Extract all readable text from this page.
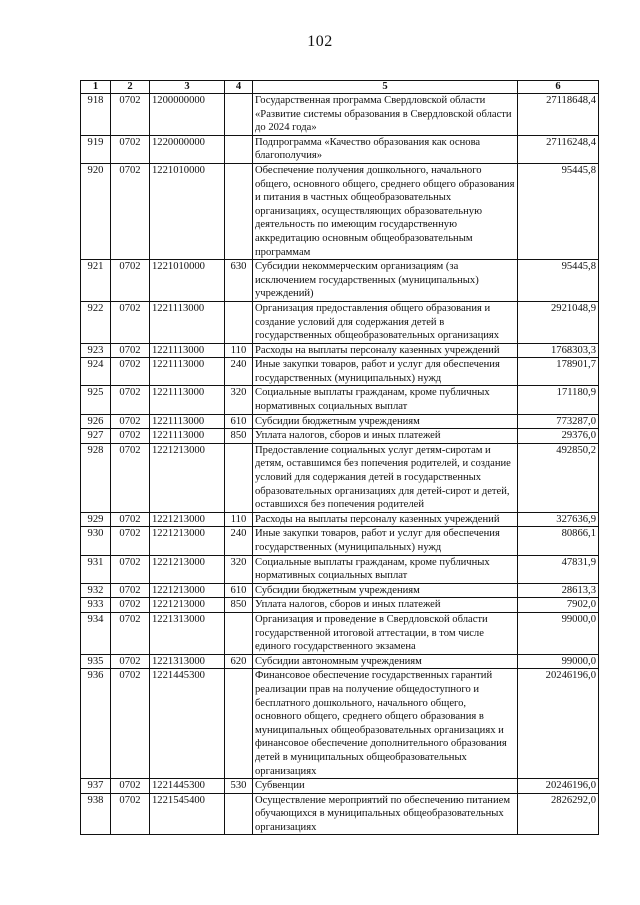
102
1	2	3	4	5	6
918	0702	1200000000		Государственная программа Свердловской области «Развитие системы образования в Свердловской области до 2024 года»	27118648,4
919	0702	1220000000		Подпрограмма «Качество образования как основа благополучия»	27116248,4
920	0702	1221010000		Обеспечение получения дошкольного, начального общего, основного общего, среднего общего образования и питания в частных общеобразовательных организациях, осуществляющих образовательную деятельность по имеющим государственную аккредитацию основным общеобразовательным программам	95445,8
921	0702	1221010000	630	Субсидии некоммерческим организациям (за исключением государственных (муниципальных) учреждений)	95445,8
922	0702	1221113000		Организация предоставления общего образования и создание условий для содержания детей в государственных общеобразовательных организациях	2921048,9
923	0702	1221113000	110	Расходы на выплаты персоналу казенных учреждений	1768303,3
924	0702	1221113000	240	Иные закупки товаров, работ и услуг для обеспечения государственных (муниципальных) нужд	178901,7
925	0702	1221113000	320	Социальные выплаты гражданам, кроме публичных нормативных социальных выплат	171180,9
926	0702	1221113000	610	Субсидии бюджетным учреждениям	773287,0
927	0702	1221113000	850	Уплата налогов, сборов и иных платежей	29376,0
928	0702	1221213000		Предоставление социальных услуг детям-сиротам и детям, оставшимся без попечения родителей, и создание условий для содержания детей в государственных образовательных организациях для детей-сирот и детей, оставшихся без попечения родителей	492850,2
929	0702	1221213000	110	Расходы на выплаты персоналу казенных учреждений	327636,9
930	0702	1221213000	240	Иные закупки товаров, работ и услуг для обеспечения государственных (муниципальных) нужд	80866,1
931	0702	1221213000	320	Социальные выплаты гражданам, кроме публичных нормативных социальных выплат	47831,9
932	0702	1221213000	610	Субсидии бюджетным учреждениям	28613,3
933	0702	1221213000	850	Уплата налогов, сборов и иных платежей	7902,0
934	0702	1221313000		Организация и проведение в Свердловской области государственной итоговой аттестации, в том числе единого государственного экзамена	99000,0
935	0702	1221313000	620	Субсидии автономным учреждениям	99000,0
936	0702	1221445300		Финансовое обеспечение государственных гарантий реализации прав на получение общедоступного и бесплатного дошкольного, начального общего, основного общего, среднего общего образования в муниципальных общеобразовательных организациях и финансовое обеспечение дополнительного образования детей в муниципальных общеобразовательных организациях	20246196,0
937	0702	1221445300	530	Субвенции	20246196,0
938	0702	1221545400		Осуществление мероприятий по обеспечению питанием обучающихся в муниципальных общеобразовательных организациях	2826292,0
